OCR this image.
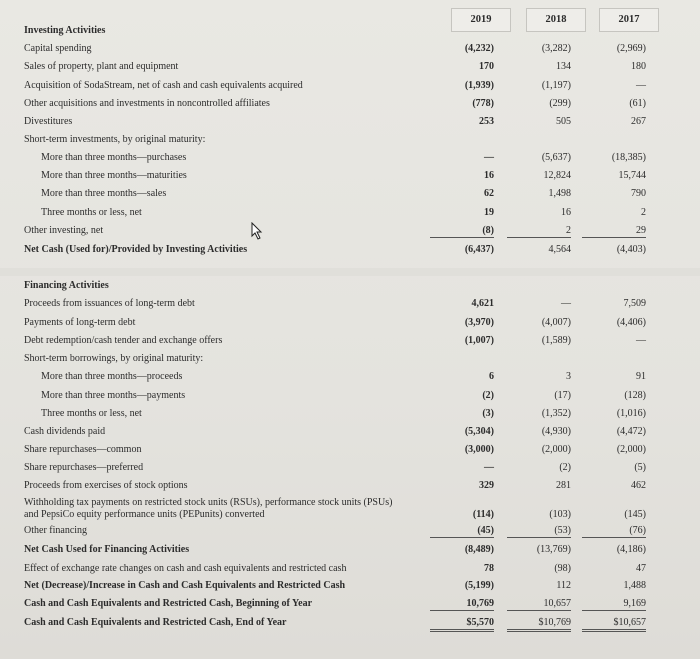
2019	2018	2017
Investing Activities
Capital spending	(4,232)	(3,282)	(2,969)
Sales of property, plant and equipment	170	134	180
Acquisition of SodaStream, net of cash and cash equivalents acquired	(1,939)	(1,197)	—
Other acquisitions and investments in noncontrolled affiliates	(778)	(299)	(61)
Divestitures	253	505	267
Short-term investments, by original maturity:
More than three months—purchases	—	(5,637)	(18,385)
More than three months—maturities	16	12,824	15,744
More than three months—sales	62	1,498	790
Three months or less, net	19	16	2
Other investing, net	(8)	2	29
Net Cash (Used for)/Provided by Investing Activities	(6,437)	4,564	(4,403)
Financing Activities
Proceeds from issuances of long-term debt	4,621	—	7,509
Payments of long-term debt	(3,970)	(4,007)	(4,406)
Debt redemption/cash tender and exchange offers	(1,007)	(1,589)	—
Short-term borrowings, by original maturity:
More than three months—proceeds	6	3	91
More than three months—payments	(2)	(17)	(128)
Three months or less, net	(3)	(1,352)	(1,016)
Cash dividends paid	(5,304)	(4,930)	(4,472)
Share repurchases—common	(3,000)	(2,000)	(2,000)
Share repurchases—preferred	—	(2)	(5)
Proceeds from exercises of stock options	329	281	462
Withholding tax payments on restricted stock units (RSUs), performance stock units (PSUs) and PepsiCo equity performance units (PEPunits) converted	(114)	(103)	(145)
Other financing	(45)	(53)	(76)
Net Cash Used for Financing Activities	(8,489)	(13,769)	(4,186)
Effect of exchange rate changes on cash and cash equivalents and restricted cash	78	(98)	47
Net (Decrease)/Increase in Cash and Cash Equivalents and Restricted Cash	(5,199)	112	1,488
Cash and Cash Equivalents and Restricted Cash, Beginning of Year	10,769	10,657	9,169
Cash and Cash Equivalents and Restricted Cash, End of Year	$5,570	$10,769	$10,657
